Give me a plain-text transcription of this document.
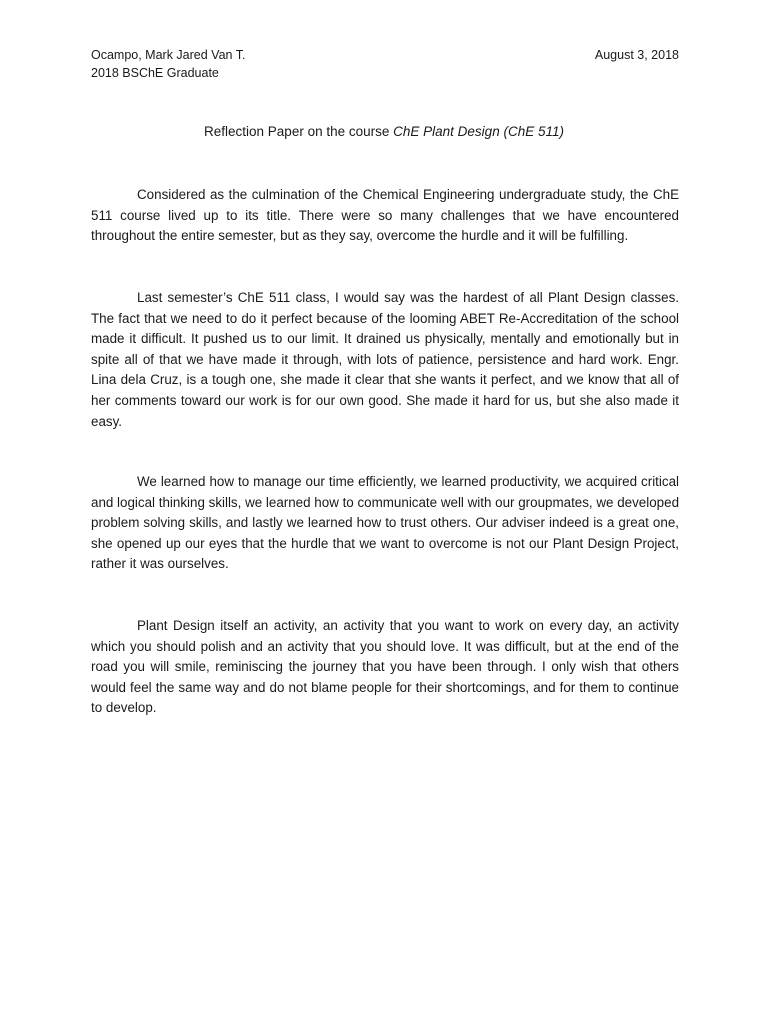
Ocampo, Mark Jared Van T.
2018 BSChE Graduate
August 3, 2018
Reflection Paper on the course ChE Plant Design (ChE 511)

Considered as the culmination of the Chemical Engineering undergraduate study, the ChE 511 course lived up to its title. There were so many challenges that we have encountered throughout the entire semester, but as they say, overcome the hurdle and it will be fulfilling.

Last semester’s ChE 511 class, I would say was the hardest of all Plant Design classes. The fact that we need to do it perfect because of the looming ABET Re-Accreditation of the school made it difficult. It pushed us to our limit. It drained us physically, mentally and emotionally but in spite all of that we have made it through, with lots of patience, persistence and hard work. Engr. Lina dela Cruz, is a tough one, she made it clear that she wants it perfect, and we know that all of her comments toward our work is for our own good. She made it hard for us, but she also made it easy.

We learned how to manage our time efficiently, we learned productivity, we acquired critical and logical thinking skills, we learned how to communicate well with our groupmates, we developed problem solving skills, and lastly we learned how to trust others. Our adviser indeed is a great one, she opened up our eyes that the hurdle that we want to overcome is not our Plant Design Project, rather it was ourselves.

Plant Design itself an activity, an activity that you want to work on every day, an activity which you should polish and an activity that you should love. It was difficult, but at the end of the road you will smile, reminiscing the journey that you have been through. I only wish that others would feel the same way and do not blame people for their shortcomings, and for them to continue to develop.
